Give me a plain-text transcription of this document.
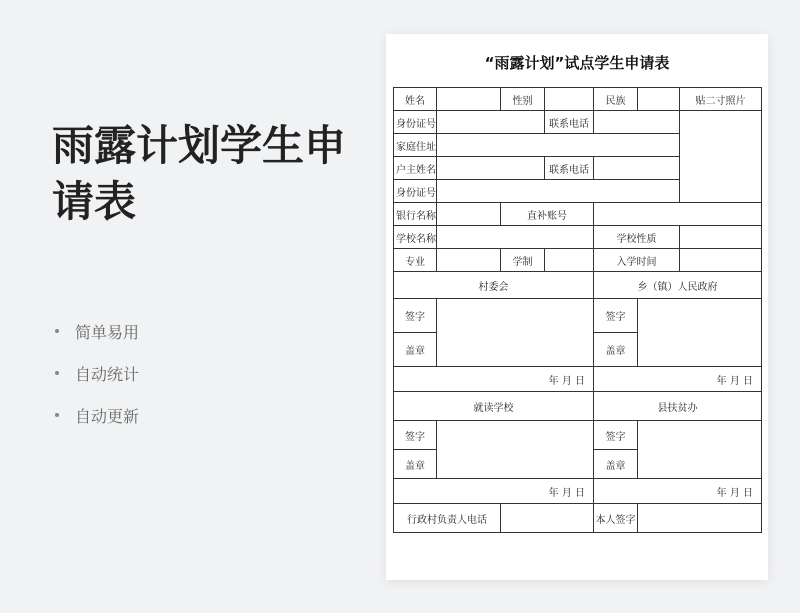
雨露计划学生申请表
简单易用
自动统计
自动更新
“雨露计划”试点学生申请表
姓名		性别		民族		贴二寸照片
身份证号			联系电话			
家庭住址						
户主姓名			联系电话			
身份证号						
银行名称		直补账号				
学校名称				学校性质		
专业		学制		入学时间		
村委会				乡（镇）人民政府		
签字				签字		
盖章				盖章		
年 月 日				年 月 日		
就读学校				县扶贫办		
签字				签字		
盖章				盖章		
年 月 日				年 月 日		
行政村负责人电话				本人签字		
